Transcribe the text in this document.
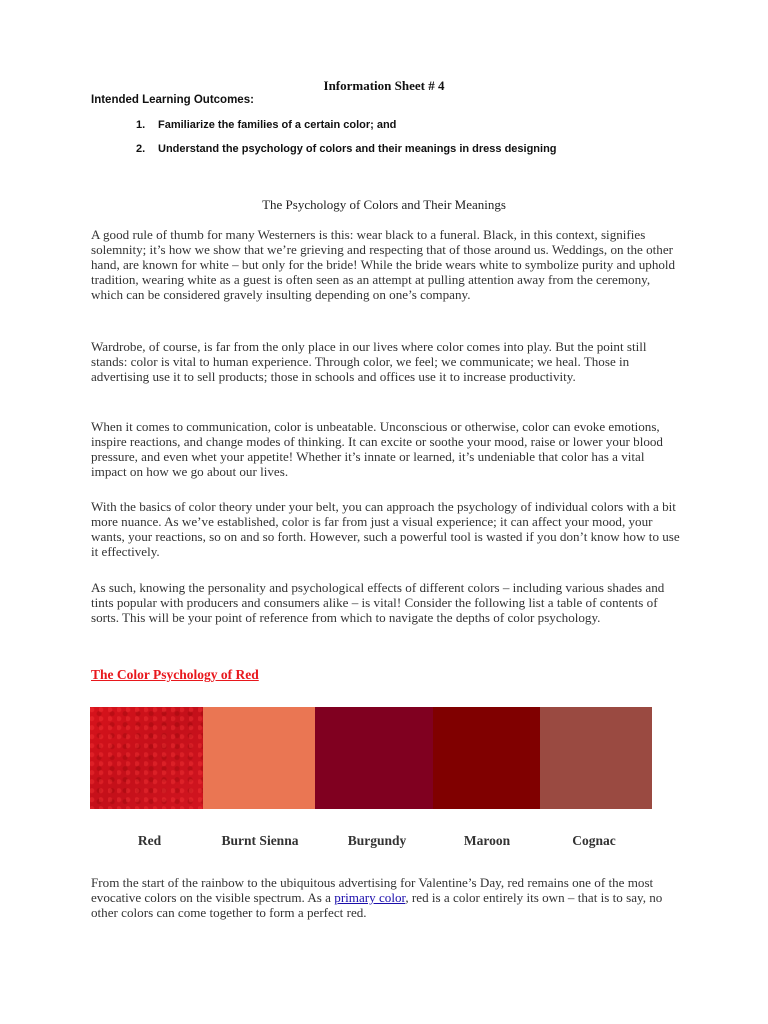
Information Sheet # 4
Intended Learning Outcomes:
1. Familiarize the families of a certain color; and
2. Understand the psychology of colors and their meanings in dress designing
The Psychology of Colors and Their Meanings

A good rule of thumb for many Westerners is this: wear black to a funeral. Black, in this context, signifies solemnity; it’s how we show that we’re grieving and respecting that of those around us. Weddings, on the other hand, are known for white – but only for the bride! While the bride wears white to symbolize purity and uphold tradition, wearing white as a guest is often seen as an attempt at pulling attention away from the ceremony, which can be considered gravely insulting depending on one’s company.

Wardrobe, of course, is far from the only place in our lives where color comes into play. But the point still stands: color is vital to human experience. Through color, we feel; we communicate; we heal. Those in advertising use it to sell products; those in schools and offices use it to increase productivity.

When it comes to communication, color is unbeatable. Unconscious or otherwise, color can evoke emotions, inspire reactions, and change modes of thinking. It can excite or soothe your mood, raise or lower your blood pressure, and even whet your appetite! Whether it’s innate or learned, it’s undeniable that color has a vital impact on how we go about our lives.

With the basics of color theory under your belt, you can approach the psychology of individual colors with a bit more nuance. As we’ve established, color is far from just a visual experience; it can affect your mood, your wants, your reactions, so on and so forth. However, such a powerful tool is wasted if you don’t know how to use it effectively.

As such, knowing the personality and psychological effects of different colors – including various shades and tints popular with producers and consumers alike – is vital! Consider the following list a table of contents of sorts. This will be your point of reference from which to navigate the depths of color psychology.

The Color Psychology of Red
Red	Burnt Sienna	Burgundy	Maroon	Cognac

From the start of the rainbow to the ubiquitous advertising for Valentine’s Day, red remains one of the most evocative colors on the visible spectrum. As a primary color, red is a color entirely its own – that is to say, no other colors can come together to form a perfect red.
